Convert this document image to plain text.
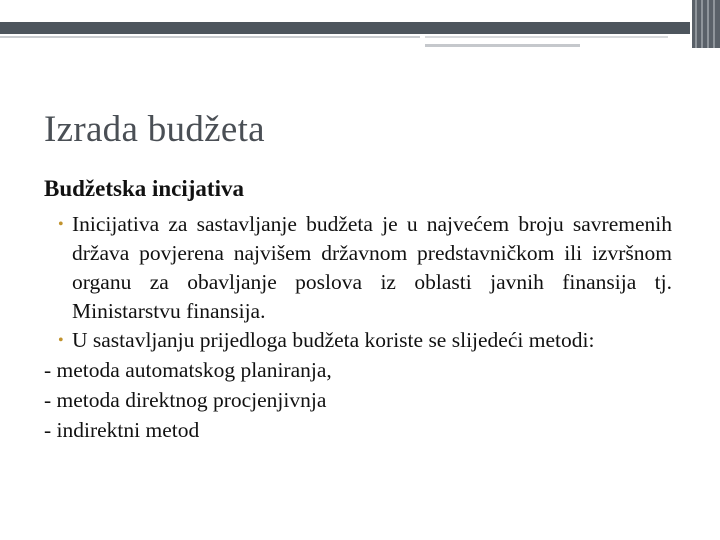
Izrada budžeta
Budžetska incijativa
• Inicijativa za sastavljanje budžeta je u najvećem broju savremenih država povjerena najvišem državnom predstavničkom ili izvršnom organu za obavljanje poslova iz oblasti javnih finansija tj. Ministarstvu finansija.
• U sastavljanju prijedloga budžeta koriste se slijedeći metodi:
- metoda automatskog planiranja,
- metoda direktnog procjenjivnja
- indirektni metod
